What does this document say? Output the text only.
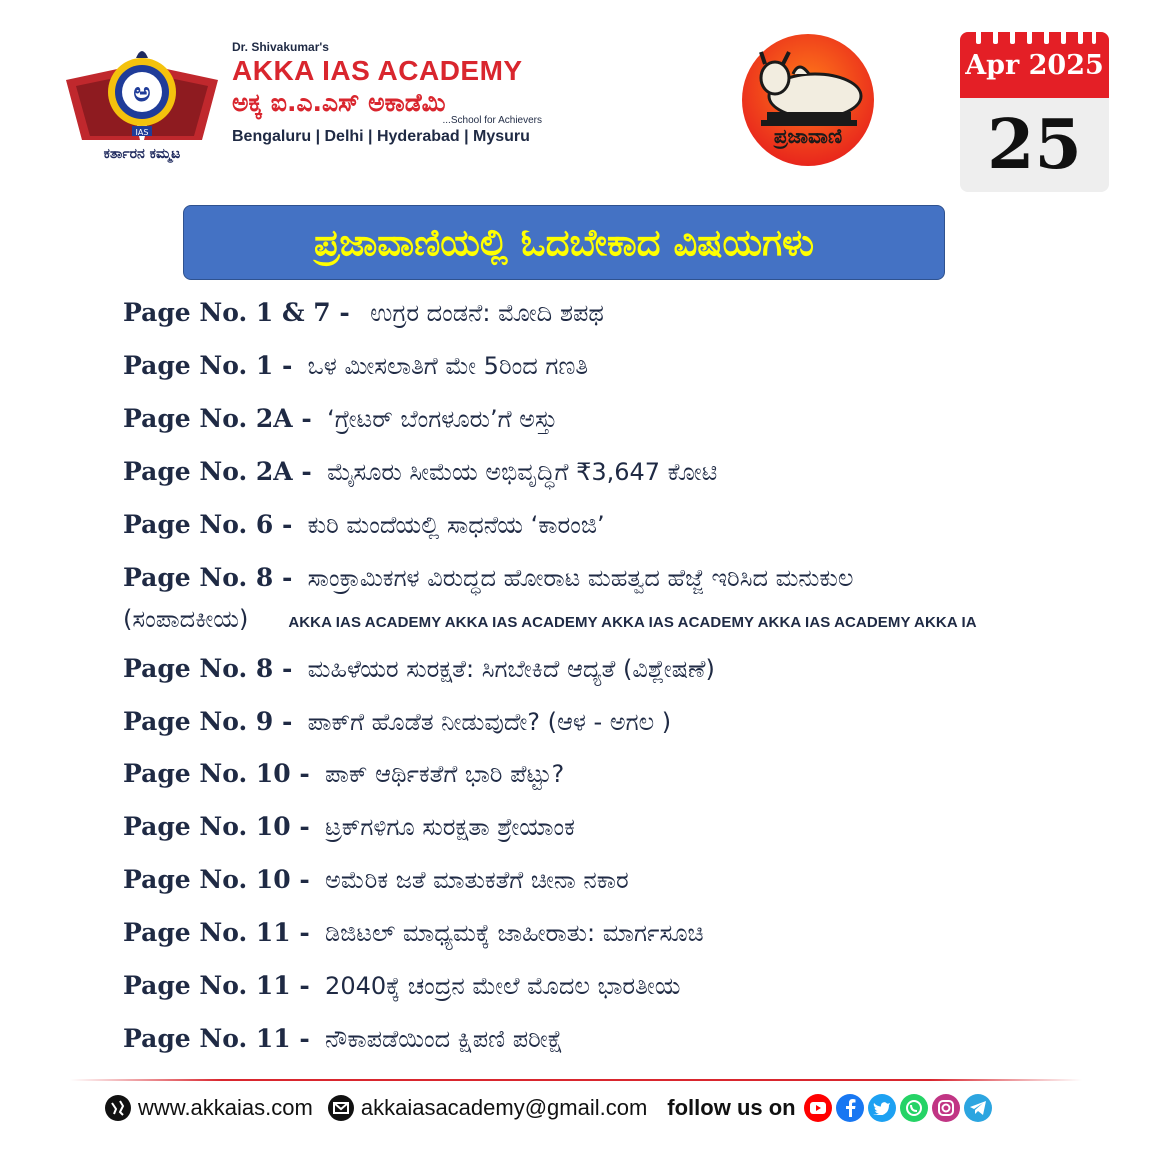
ಅ
IAS
ಕರ್ತಾರನ ಕಮ್ಮಟ
Dr. Shivakumar's
AKKA IAS ACADEMY
ಅಕ್ಕ ಐ.ಎ.ಎಸ್ ಅಕಾಡೆಮಿ
...School for Achievers
Bengaluru | Delhi | Hyderabad | Mysuru	ಪ್ರಜಾವಾಣಿ
Apr 2025
25
ಪ್ರಜಾವಾಣಿಯಲ್ಲಿ ಓದಬೇಕಾದ ವಿಷಯಗಳು
Page No. 1 & 7 -
ಉಗ್ರರ ದಂಡನೆ: ಮೋದಿ ಶಪಥ
Page No. 1 -
ಒಳ ಮೀಸಲಾತಿಗೆ ಮೇ 5ರಿಂದ ಗಣತಿ
Page No. 2A -
‘ಗ್ರೇಟರ್ ಬೆಂಗಳೂರು’ಗೆ ಅಸ್ತು
Page No. 2A -
ಮೈಸೂರು ಸೀಮೆಯ ಅಭಿವೃದ್ಧಿಗೆ ₹3,647 ಕೋಟಿ
Page No. 6 -
ಕುರಿ ಮಂದೆಯಲ್ಲಿ ಸಾಧನೆಯ ‘ಕಾರಂಜಿ’
Page No. 8 -
ಸಾಂಕ್ರಾಮಿಕಗಳ ವಿರುದ್ಧದ ಹೋರಾಟ ಮಹತ್ವದ ಹೆಜ್ಜೆ ಇರಿಸಿದ ಮನುಕುಲ
(ಸಂಪಾದಕೀಯ)	AKKA IAS ACADEMY AKKA IAS ACADEMY AKKA IAS ACADEMY AKKA IAS ACADEMY AKKA IA
Page No. 8 -
ಮಹಿಳೆಯರ ಸುರಕ್ಷತೆ: ಸಿಗಬೇಕಿದೆ ಆದ್ಯತೆ (ವಿಶ್ಲೇಷಣೆ)
Page No. 9 -
ಪಾಕ್‌ಗೆ ಹೊಡೆತ ನೀಡುವುದೇ? (ಆಳ - ಅಗಲ )
Page No. 10 -
ಪಾಕ್ ಆರ್ಥಿಕತೆಗೆ ಭಾರಿ ಪೆಟ್ಟು?
Page No. 10 -
ಟ್ರಕ್‌ಗಳಿಗೂ ಸುರಕ್ಷತಾ ಶ್ರೇಯಾಂಕ
Page No. 10 -
ಅಮೆರಿಕ ಜತೆ ಮಾತುಕತೆಗೆ ಚೀನಾ ನಕಾರ
Page No. 11 -
ಡಿಜಿಟಲ್ ಮಾಧ್ಯಮಕ್ಕೆ ಜಾಹೀರಾತು: ಮಾರ್ಗಸೂಚಿ
Page No. 11 -
2040ಕ್ಕೆ ಚಂದ್ರನ ಮೇಲೆ ಮೊದಲ ಭಾರತೀಯ
Page No. 11 -
ನೌಕಾಪಡೆಯಿಂದ ಕ್ಷಿಪಣಿ ಪರೀಕ್ಷೆ
www.akkaias.com akkaiasacademy@gmail.com follow us on
